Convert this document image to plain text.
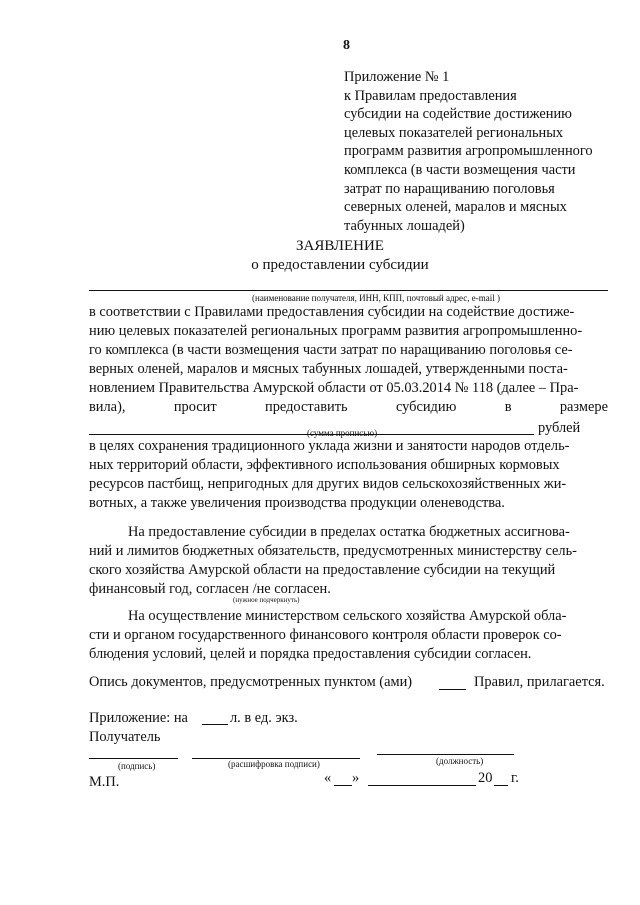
8
Приложение № 1
к Правилам предоставления
субсидии на содействие достижению
целевых показателей региональных
программ развития агропромышленного
комплекса (в части возмещения части
затрат по наращиванию поголовья
северных оленей, маралов и мясных
табунных лошадей)
ЗАЯВЛЕНИЕ
о предоставлении субсидии
(наименование получателя, ИНН, КПП, почтовый адрес, e-mail )
в соответствии с Правилами предоставления субсидии на содействие достиже-
нию целевых показателей региональных программ развития агропромышленно-
го комплекса (в части возмещения части затрат по наращиванию поголовья се-
верных оленей, маралов и мясных табунных лошадей, утвержденными поста-
новлением Правительства Амурской области от 05.03.2014 № 118 (далее – Пра-
вила),	просит	предоставить	субсидию	в	размере
рублей
(сумма прописью)
в целях сохранения традиционного уклада жизни и занятости народов отдель-
ных территорий области, эффективного использования обширных кормовых
ресурсов пастбищ, непригодных для других видов сельскохозяйственных жи-
вотных, а также увеличения производства продукции оленеводства.
На предоставление субсидии в пределах остатка бюджетных ассигнова-
ний и лимитов бюджетных обязательств, предусмотренных министерству сель-
ского хозяйства Амурской области на предоставление субсидии на текущий
финансовый год, согласен /не согласен.
(нужное подчеркнуть)
На осуществление министерством сельского хозяйства Амурской обла-
сти и органом государственного финансового контроля области проверок со-
блюдения условий, целей и порядка предоставления субсидии согласен.
Опись документов, предусмотренных пунктом (ами)	Правил, прилагается.
Приложение: на	л. в ед. экз.
Получатель
(подпись)	(расшифровка подписи)	(должность)
М.П.	« »	20 г.
